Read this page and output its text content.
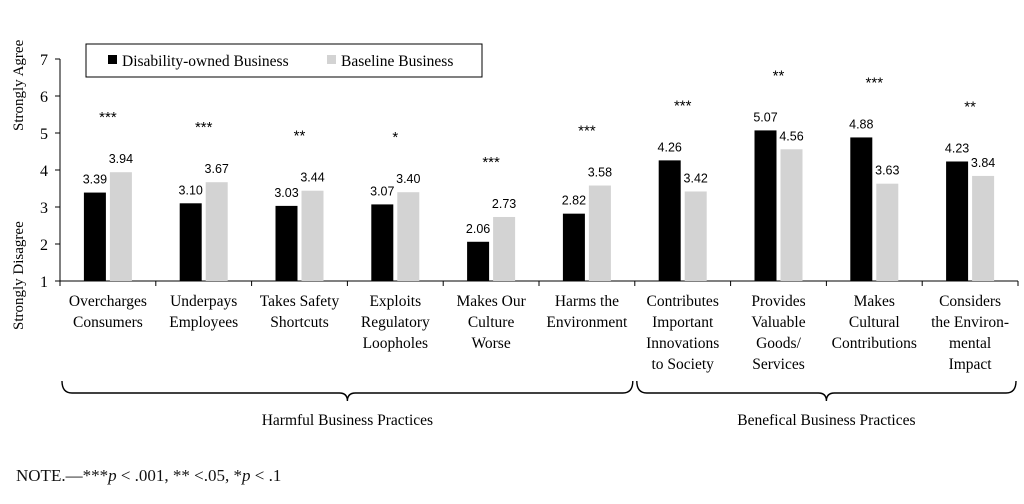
1
2
3
4
5
6
7
Strongly Agree
Strongly Disagree
3.39
3.94
***
Overcharges
Consumers
3.10
3.67
***
Underpays
Employees
3.03
3.44
**
Takes Safety
Shortcuts
3.07
3.40
*
Exploits
Regulatory
Loopholes
2.06
2.73
***
Makes Our
Culture
Worse
2.82
3.58
***
Harms the
Environment
4.26
3.42
***
Contributes
Important
Innovations
to Society
5.07
4.56
**
Provides
Valuable
Goods/
Services
4.88
3.63
***
Makes
Cultural
Contributions
4.23
3.84
**
Considers
the Environ-
mental
Impact
Harmful Business Practices	Benefical Business Practices
Disability-owned Business	Baseline Business
NOTE.—***p < .001, ** <.05, *p < .1
